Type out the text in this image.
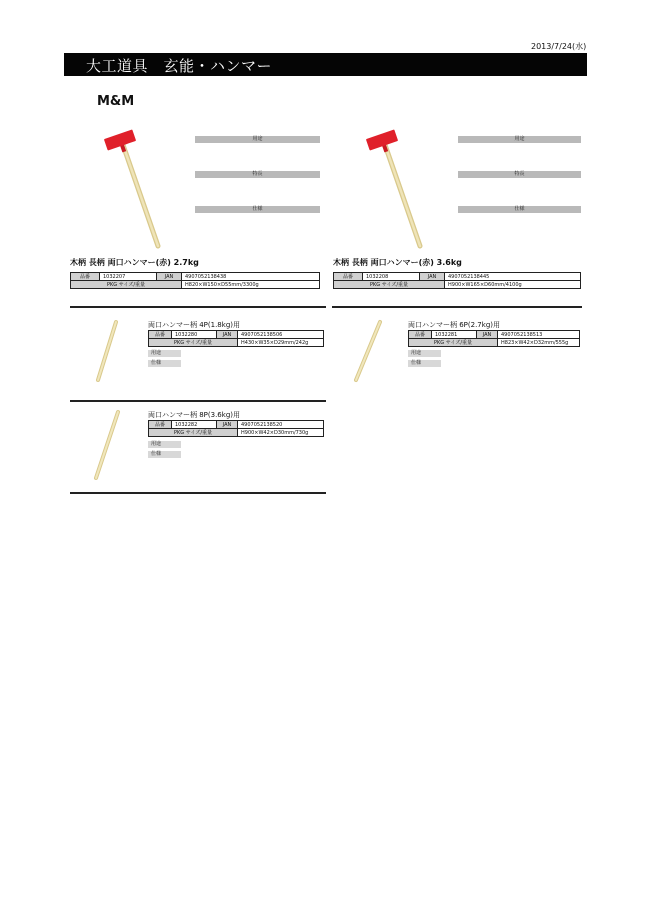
2013/7/24(水)
大工道具　玄能・ハンマー
M&M
用途
特長
仕様
木柄 長柄 両口ハンマー(赤) 2.7kg
品番	1032207	JAN	4907052138438
PKG サイズ/重量			H820×W150×D55mm/3300g
用途
特長
仕様
木柄 長柄 両口ハンマー(赤) 3.6kg
品番	1032208	JAN	4907052138445
PKG サイズ/重量			H900×W165×D60mm/4100g
両口ハンマー柄 4P(1.8kg)用
品番	1032280	JAN	4907052138506
PKG サイズ/重量			H430×W35×D29mm/242g
用途
仕様
両口ハンマー柄 6P(2.7kg)用
品番	1032281	JAN	4907052138513
PKG サイズ/重量			H823×W42×D32mm/555g
用途
仕様
両口ハンマー柄 8P(3.6kg)用
品番	1032282	JAN	4907052138520
PKG サイズ/重量			H900×W42×D30mm/730g
用途
仕様
